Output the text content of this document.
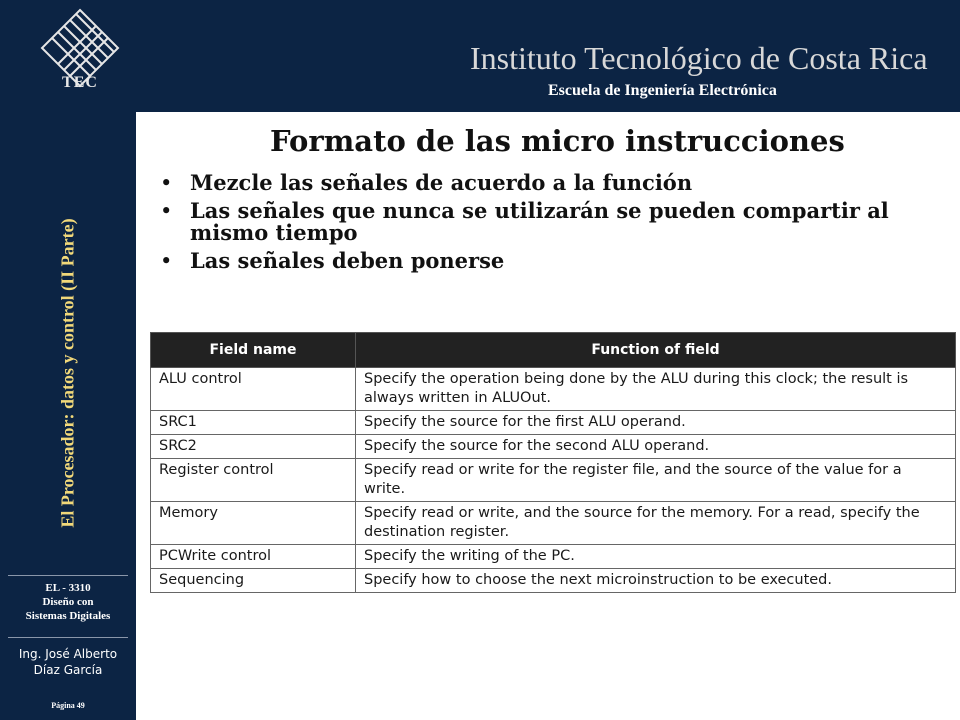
TEC
Instituto Tecnológico de Costa Rica
Escuela de Ingeniería Electrónica
El Procesador: datos y control (II Parte)
EL - 3310
Diseño con
Sistemas Digitales
Ing. José Alberto
Díaz García
Página 49
Formato de las micro instrucciones
• Mezcle las señales de acuerdo a la función
• Las señales que nunca se utilizarán se pueden compartir al mismo tiempo
• Las señales deben ponerse
Field name	Function of field
ALU control	Specify the operation being done by the ALU during this clock; the result is always written in ALUOut.
SRC1	Specify the source for the first ALU operand.
SRC2	Specify the source for the second ALU operand.
Register control	Specify read or write for the register file, and the source of the value for a write.
Memory	Specify read or write, and the source for the memory. For a read, specify the destination register.
PCWrite control	Specify the writing of the PC.
Sequencing	Specify how to choose the next microinstruction to be executed.
